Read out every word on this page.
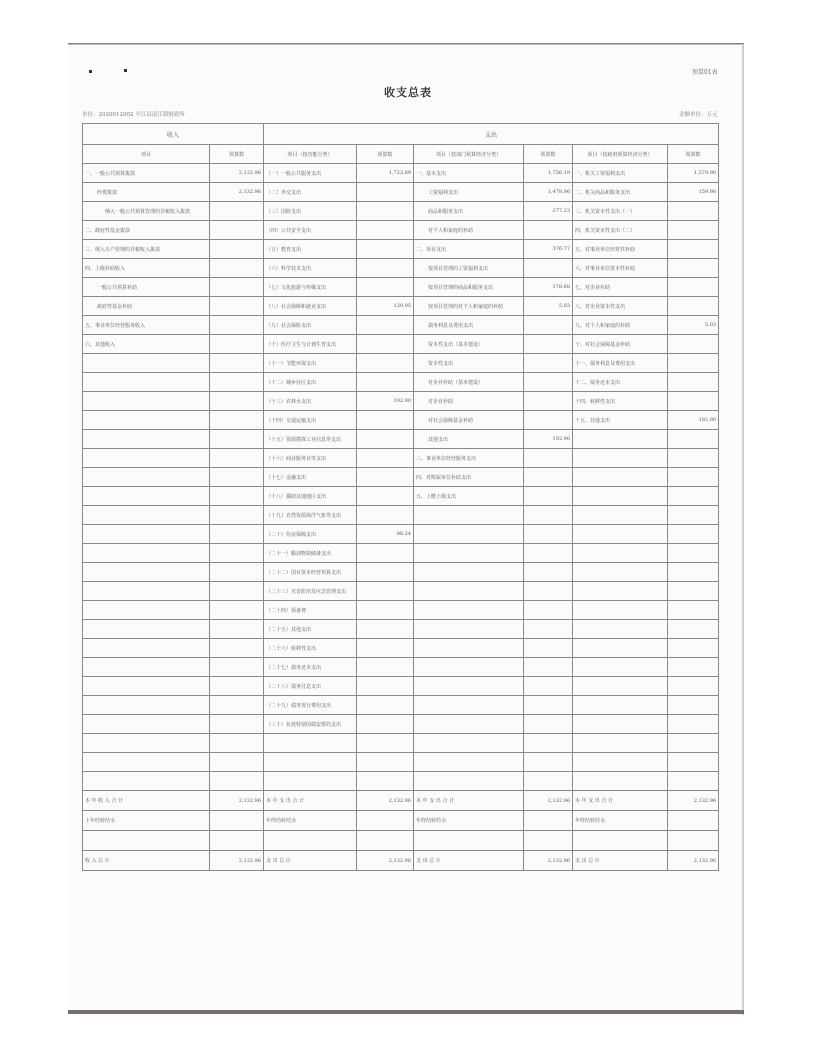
预算01表
收支总表
单位：2020012002 平江县南江镇财政所	金额单位：万元
收入		支出					
项目	预算数	项目（按功能分类）	预算数	项目（按部门预算经济分类）	预算数	项目（按政府预算经济分类）	预算数
一、一般公共预算拨款	2,132.96	（一）一般公共服务支出	1,723.89	一、基本支出	1,756.19	一、机关工资福利支出	1,579.90
经费拨款	2,132.96	（二）外交支出		工资福利支出	1,478.96	二、机关商品和服务支出	159.98
纳入一般公共预算管理的非税收入拨款		（三）国防支出		商品和服务支出	277.23	三、机关资本性支出（一）	
二、政府性基金拨款		（四）公共安全支出		对个人和家庭的补助		四、机关资本性支出（二）	
三、纳入专户管理的非税收入拨款		（五）教育支出		二、项目支出	376.77	五、对事业单位经常性补助	
四、上级补助收入		（六）科学技术支出		按项目管理的工资福利支出		六、对事业单位资本性补助	
一般公共预算补助		（七）文化旅游与传媒支出		按项目管理的商品和服务支出	178.68	七、对企业补助	
政府性基金补助		（八）社会保障和就业支出	120.95	按项目管理的对个人和家庭的补助	5.03	八、对企业资本性支出	
五、事业单位经营服务收入		（九）社会保险支出		债务利息及费用支出		九、对个人和家庭的补助	5.03
六、其他收入		（十）医疗卫生与计划生育支出		资本性支出（基本建设）		十、对社会保障基金补助	
		（十一）节能环保支出		资本性支出		十一、债务利息及费用支出	
		（十二）城乡社区支出		对企业补助（基本建设）		十二、债务还本支出	
		（十三）农林水支出	192.90	对企业补助		十四、转移性支出	
		（十四）交通运输支出		对社会保障基金补助		十五、其他支出	192.90
		（十五）资源勘探工业信息等支出		其他支出	192.90		
		（十六）商业服务业等支出		三、事业单位经营服务支出			
		（十七）金融支出		四、对附属单位补助支出			
		（十八）援助其他地区支出		五、上缴上级支出			
		（十九）自然资源海洋气象等支出					
		（二十）住房保障支出	88.24				
		（二十一）粮油物资储备支出					
		（二十二）国有资本经营预算支出					
		（二十三）灾害防治及应急管理支出					
		（二十四）预备费					
		（二十五）其他支出					
		（二十六）转移性支出					
		（二十七）债务还本支出					
		（二十八）债务付息支出					
		（二十九）债务发行费用支出					
		（三十）抗疫特别国债安排的支出					

本 年 收 入 合 计	2,132.96	本 年 支 出 合 计	2,132.96	本 年 支 出 合 计	2,132.96	本 年 支 出 合 计	2,132.96
上年结转结余		年终结转结余		年终结转结余		年终结转结余	

收 入 总 计	2,132.96	支 出 总 计	2,132.96	支 出 总 计	2,132.96	支 出 总 计	2,132.96
